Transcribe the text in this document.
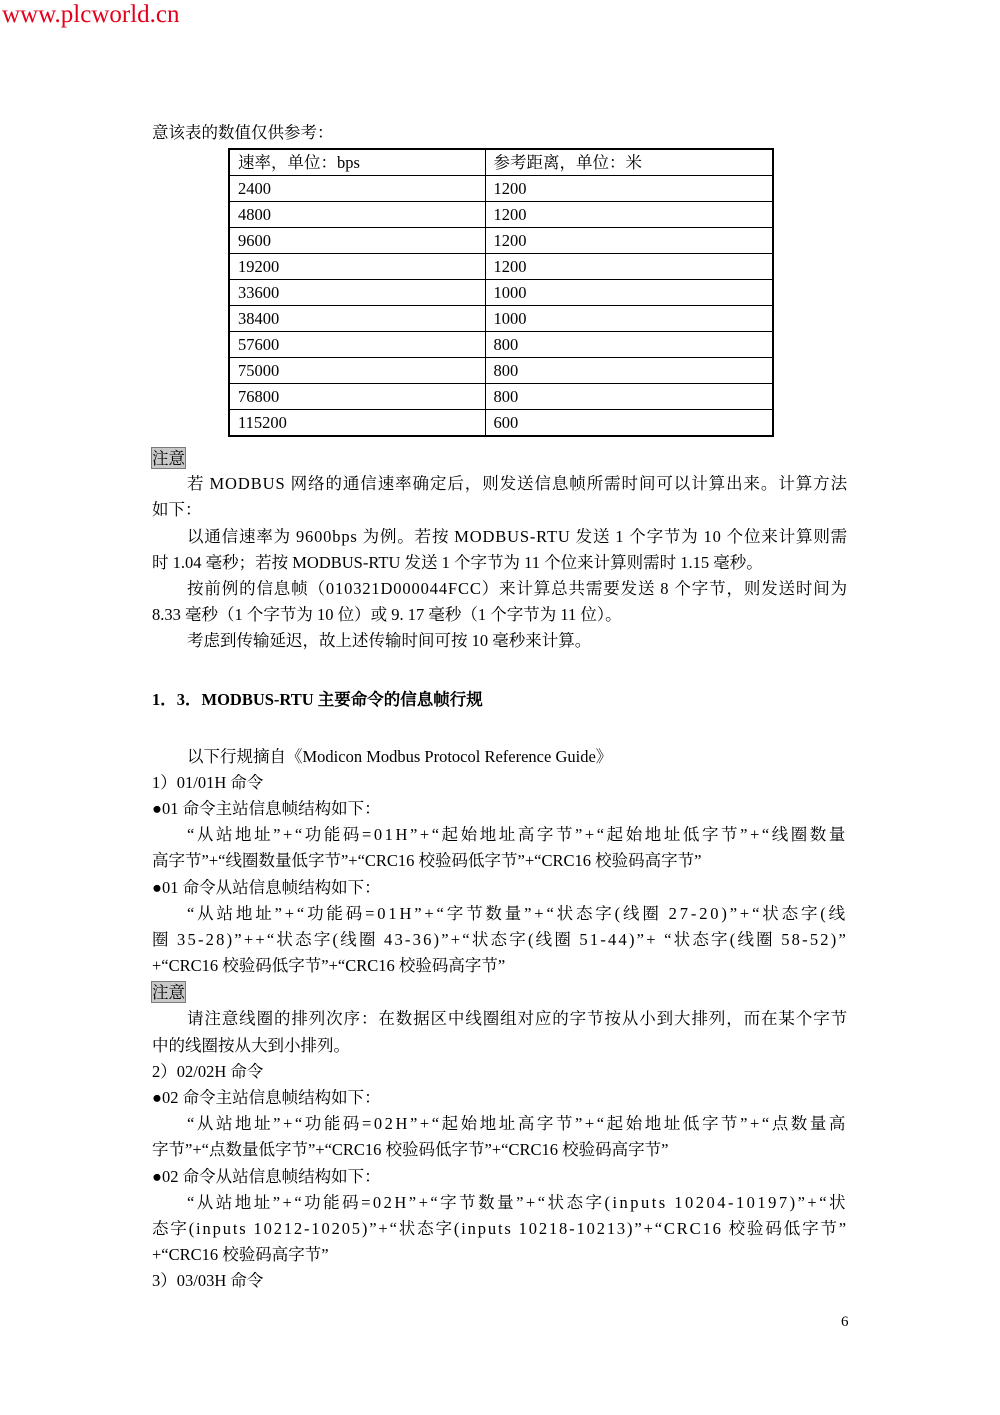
www.plcworld.cn
意该表的数值仅供参考：
速率，单位：bps	参考距离，单位：米
2400	1200
4800	1200
9600	1200
19200	1200
33600	1000
38400	1000
57600	800
75000	800
76800	800
115200	600
注意
若 MODBUS 网络的通信速率确定后，则发送信息帧所需时间可以计算出来。计算方法
如下：
以通信速率为 9600bps 为例。若按 MODBUS-RTU 发送 1 个字节为 10 个位来计算则需
时 1.04 毫秒；若按 MODBUS-RTU 发送 1 个字节为 11 个位来计算则需时 1.15 毫秒。
按前例的信息帧（010321D000044FCC）来计算总共需要发送 8 个字节，则发送时间为
8.33 毫秒（1 个字节为 10 位）或 9. 17 毫秒（1 个字节为 11 位）。
考虑到传输延迟，故上述传输时间可按 10 毫秒来计算。
1．3．MODBUS-RTU 主要命令的信息帧行规
以下行规摘自《Modicon Modbus Protocol Reference Guide》
1）01/01H 命令
●01 命令主站信息帧结构如下：
“从站地址”+“功能码=01H”+“起始地址高字节”+“起始地址低字节”+“线圈数量
高字节”+“线圈数量低字节”+“CRC16 校验码低字节”+“CRC16 校验码高字节”
●01 命令从站信息帧结构如下：
“从站地址”+“功能码=01H”+“字节数量”+“状态字(线圈 27-20)”+“状态字(线
圈 35-28)”++“状态字(线圈 43-36)”+“状态字(线圈 51-44)”+ “状态字(线圈 58-52)”
+“CRC16 校验码低字节”+“CRC16 校验码高字节”
注意
请注意线圈的排列次序：在数据区中线圈组对应的字节按从小到大排列，而在某个字节
中的线圈按从大到小排列。
2）02/02H 命令
●02 命令主站信息帧结构如下：
“从站地址”+“功能码=02H”+“起始地址高字节”+“起始地址低字节”+“点数量高
字节”+“点数量低字节”+“CRC16 校验码低字节”+“CRC16 校验码高字节”
●02 命令从站信息帧结构如下：
“从站地址”+“功能码=02H”+“字节数量”+“状态字(inputs 10204-10197)”+“状
态字(inputs 10212-10205)”+“状态字(inputs 10218-10213)”+“CRC16 校验码低字节”
+“CRC16 校验码高字节”
3）03/03H 命令
6
